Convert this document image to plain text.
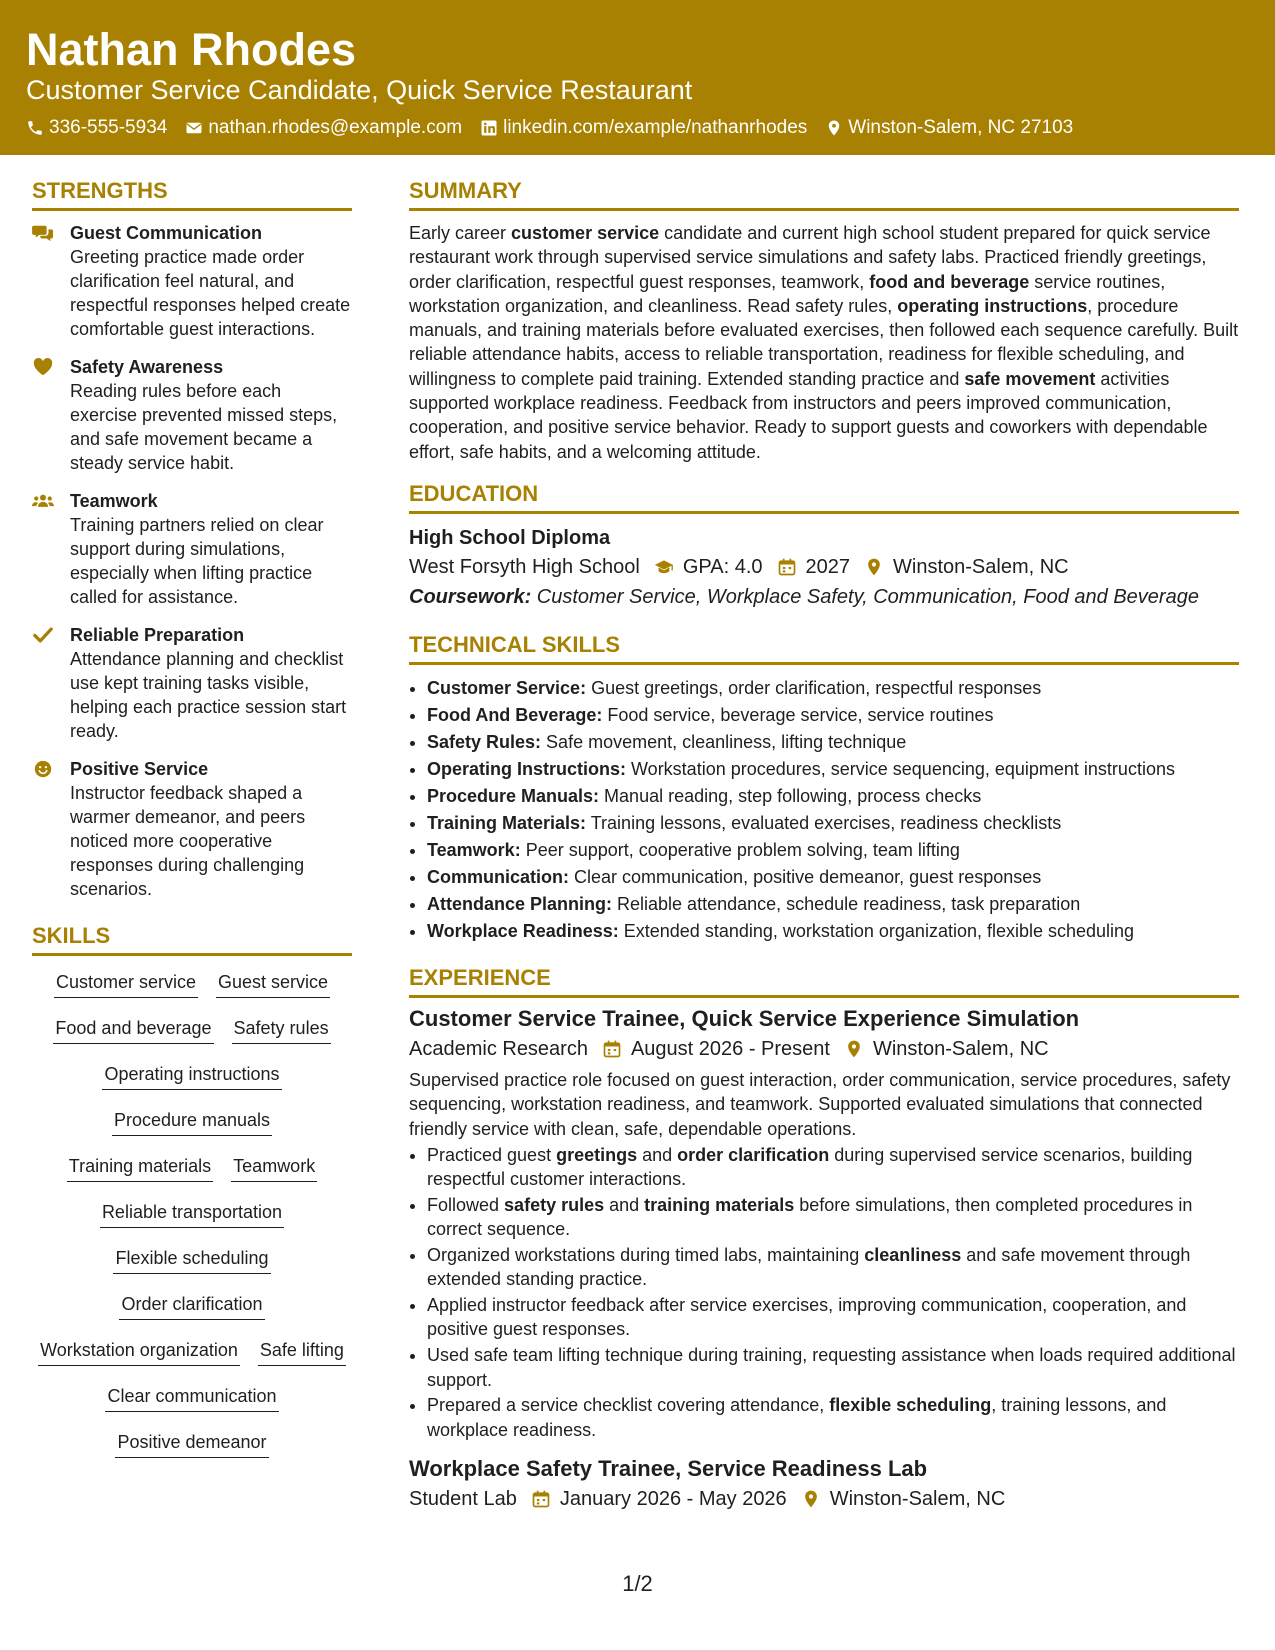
Nathan Rhodes
Customer Service Candidate, Quick Service Restaurant
336-555-5934 nathan.rhodes@example.com linkedin.com/example/nathanrhodes Winston-Salem, NC 27103
STRENGTHS
Guest Communication
Greeting practice made order clarification feel natural, and respectful responses helped create comfortable guest interactions.
Safety Awareness
Reading rules before each exercise prevented missed steps, and safe movement became a steady service habit.
Teamwork
Training partners relied on clear support during simulations, especially when lifting practice called for assistance.
Reliable Preparation
Attendance planning and checklist use kept training tasks visible, helping each practice session start ready.
Positive Service
Instructor feedback shaped a warmer demeanor, and peers noticed more cooperative responses during challenging scenarios.
SKILLS
Customer service Guest service
Food and beverage Safety rules
Operating instructions
Procedure manuals
Training materials Teamwork
Reliable transportation
Flexible scheduling
Order clarification
Workstation organization Safe lifting
Clear communication
Positive demeanor
SUMMARY

Early career customer service candidate and current high school student prepared for quick service restaurant work through supervised service simulations and safety labs. Practiced friendly greetings, order clarification, respectful guest responses, teamwork, food and beverage service routines, workstation organization, and cleanliness. Read safety rules, operating instructions, procedure manuals, and training materials before evaluated exercises, then followed each sequence carefully. Built reliable attendance habits, access to reliable transportation, readiness for flexible scheduling, and willingness to complete paid training. Extended standing practice and safe movement activities supported workplace readiness. Feedback from instructors and peers improved communication, cooperation, and positive service behavior. Ready to support guests and coworkers with dependable effort, safe habits, and a welcoming attitude.

EDUCATION
High School Diploma
West Forsyth High School GPA: 4.0 2027 Winston-Salem, NC
Coursework: Customer Service, Workplace Safety, Communication, Food and Beverage
TECHNICAL SKILLS
• Customer Service: Guest greetings, order clarification, respectful responses
• Food And Beverage: Food service, beverage service, service routines
• Safety Rules: Safe movement, cleanliness, lifting technique
• Operating Instructions: Workstation procedures, service sequencing, equipment instructions
• Procedure Manuals: Manual reading, step following, process checks
• Training Materials: Training lessons, evaluated exercises, readiness checklists
• Teamwork: Peer support, cooperative problem solving, team lifting
• Communication: Clear communication, positive demeanor, guest responses
• Attendance Planning: Reliable attendance, schedule readiness, task preparation
• Workplace Readiness: Extended standing, workstation organization, flexible scheduling
EXPERIENCE
Customer Service Trainee, Quick Service Experience Simulation
Academic Research August 2026 - Present Winston-Salem, NC
Supervised practice role focused on guest interaction, order communication, service procedures, safety sequencing, workstation readiness, and teamwork. Supported evaluated simulations that connected friendly service with clean, safe, dependable operations.
• Practiced guest greetings and order clarification during supervised service scenarios, building respectful customer interactions.
• Followed safety rules and training materials before simulations, then completed procedures in correct sequence.
• Organized workstations during timed labs, maintaining cleanliness and safe movement through extended standing practice.
• Applied instructor feedback after service exercises, improving communication, cooperation, and positive guest responses.
• Used safe team lifting technique during training, requesting assistance when loads required additional support.
• Prepared a service checklist covering attendance, flexible scheduling, training lessons, and workplace readiness.
Workplace Safety Trainee, Service Readiness Lab
Student Lab January 2026 - May 2026 Winston-Salem, NC
1/2
